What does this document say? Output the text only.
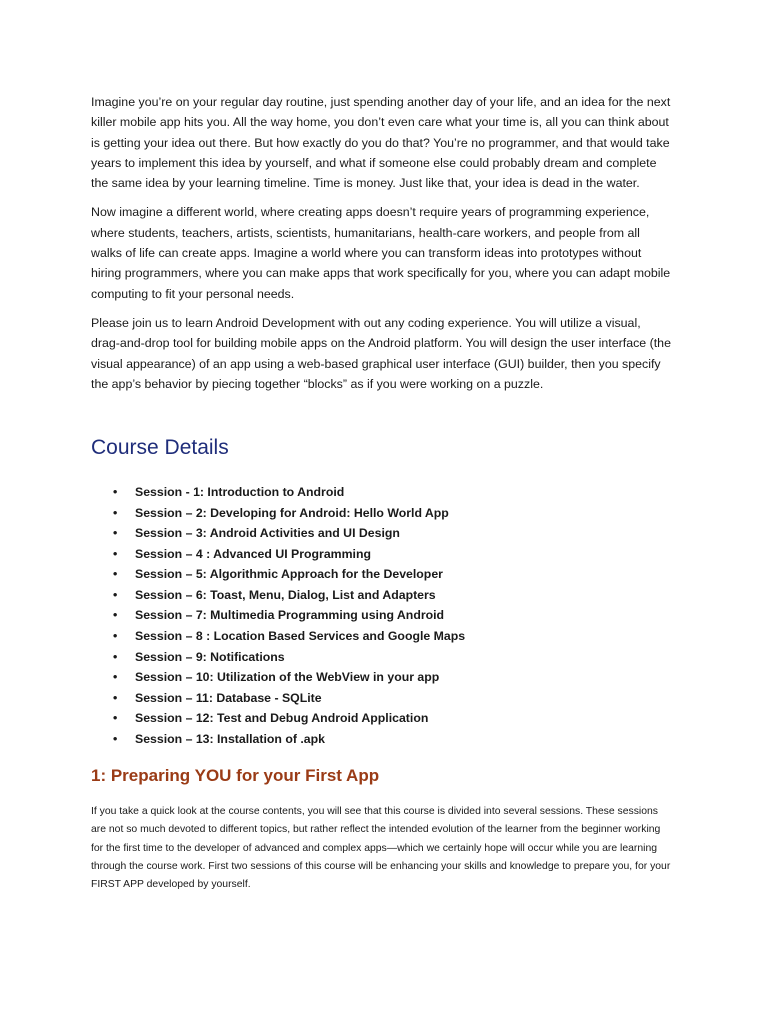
Imagine you’re on your regular day routine, just spending another day of your life, and an idea for the next killer mobile app hits you. All the way home, you don’t even care what your time is, all you can think about is getting your idea out there. But how exactly do you do that? You’re no programmer, and that would take years to implement this idea by yourself, and what if someone else could probably dream and complete the same idea by your learning timeline. Time is money. Just like that, your idea is dead in the water.

Now imagine a different world, where creating apps doesn’t require years of programming experience, where students, teachers, artists, scientists, humanitarians, health-care workers, and people from all walks of life can create apps. Imagine a world where you can transform ideas into prototypes without hiring programmers, where you can make apps that work specifically for you, where you can adapt mobile computing to fit your personal needs.

Please join us to learn Android Development with out any coding experience. You will utilize a visual, drag-and-drop tool for building mobile apps on the Android platform. You will design the user interface (the visual appearance) of an app using a web-based graphical user interface (GUI) builder, then you specify the app’s behavior by piecing together “blocks” as if you were working on a puzzle.

Course Details
• Session - 1: Introduction to Android
• Session – 2: Developing for Android: Hello World App
• Session – 3: Android Activities and UI Design
• Session – 4 : Advanced UI Programming
• Session – 5: Algorithmic Approach for the Developer
• Session – 6: Toast, Menu, Dialog, List and Adapters
• Session – 7: Multimedia Programming using Android
• Session – 8 : Location Based Services and Google Maps
• Session – 9: Notifications
• Session – 10: Utilization of the WebView in your app
• Session – 11: Database - SQLite
• Session – 12: Test and Debug Android Application
• Session – 13: Installation of .apk
1: Preparing YOU for your First App

If you take a quick look at the course contents, you will see that this course is divided into several sessions. These sessions are not so much devoted to different topics, but rather reflect the intended evolution of the learner from the beginner working for the first time to the developer of advanced and complex apps—which we certainly hope will occur while you are learning through the course work. First two sessions of this course will be enhancing your skills and knowledge to prepare you, for your FIRST APP developed by yourself.
